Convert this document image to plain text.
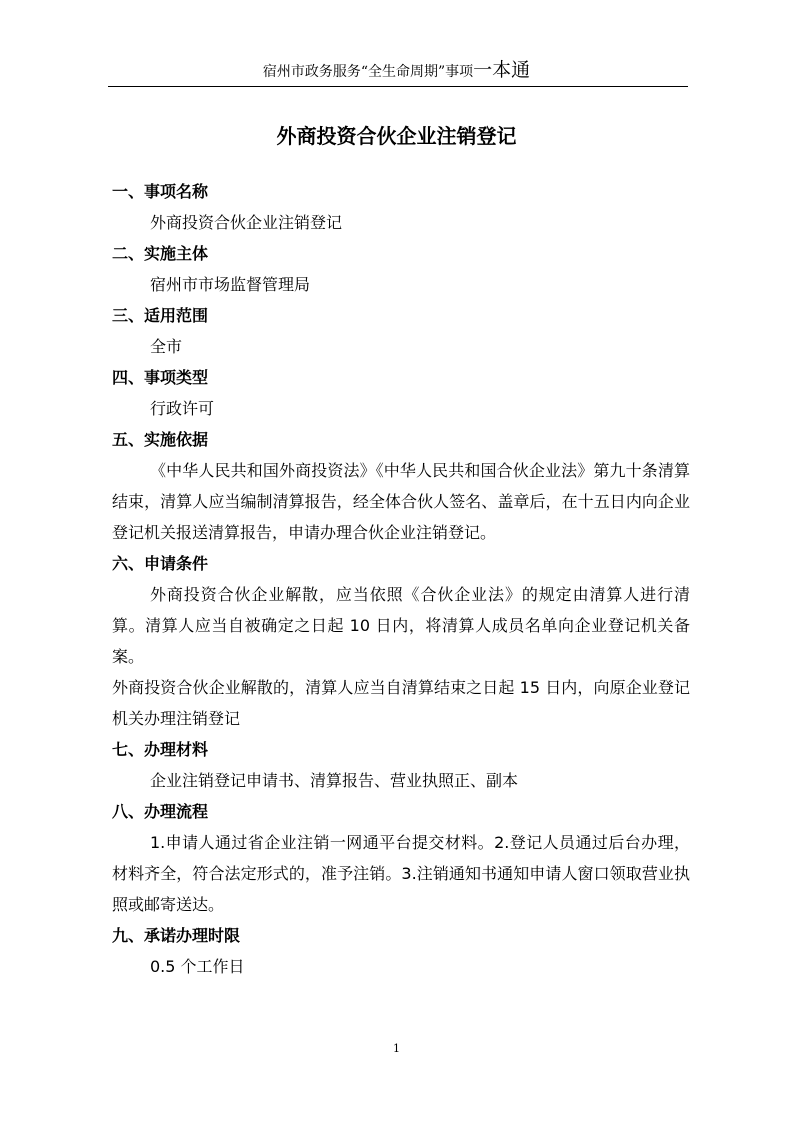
宿州市政务服务“全生命周期”事项一本通
外商投资合伙企业注销登记

一、事项名称

外商投资合伙企业注销登记

二、实施主体

宿州市市场监督管理局

三、适用范围

全市

四、事项类型

行政许可

五、实施依据

《中华人民共和国外商投资法》《中华人民共和国合伙企业法》第九十条清算结束，清算人应当编制清算报告，经全体合伙人签名、盖章后，在十五日内向企业登记机关报送清算报告，申请办理合伙企业注销登记。

六、申请条件

外商投资合伙企业解散，应当依照《合伙企业法》的规定由清算人进行清算。清算人应当自被确定之日起 10 日内，将清算人成员名单向企业登记机关备案。

外商投资合伙企业解散的，清算人应当自清算结束之日起 15 日内，向原企业登记机关办理注销登记

七、办理材料

企业注销登记申请书、清算报告、营业执照正、副本

八、办理流程

1.申请人通过省企业注销一网通平台提交材料。2.登记人员通过后台办理，材料齐全，符合法定形式的，准予注销。3.注销通知书通知申请人窗口领取营业执照或邮寄送达。

九、承诺办理时限

0.5 个工作日

1
